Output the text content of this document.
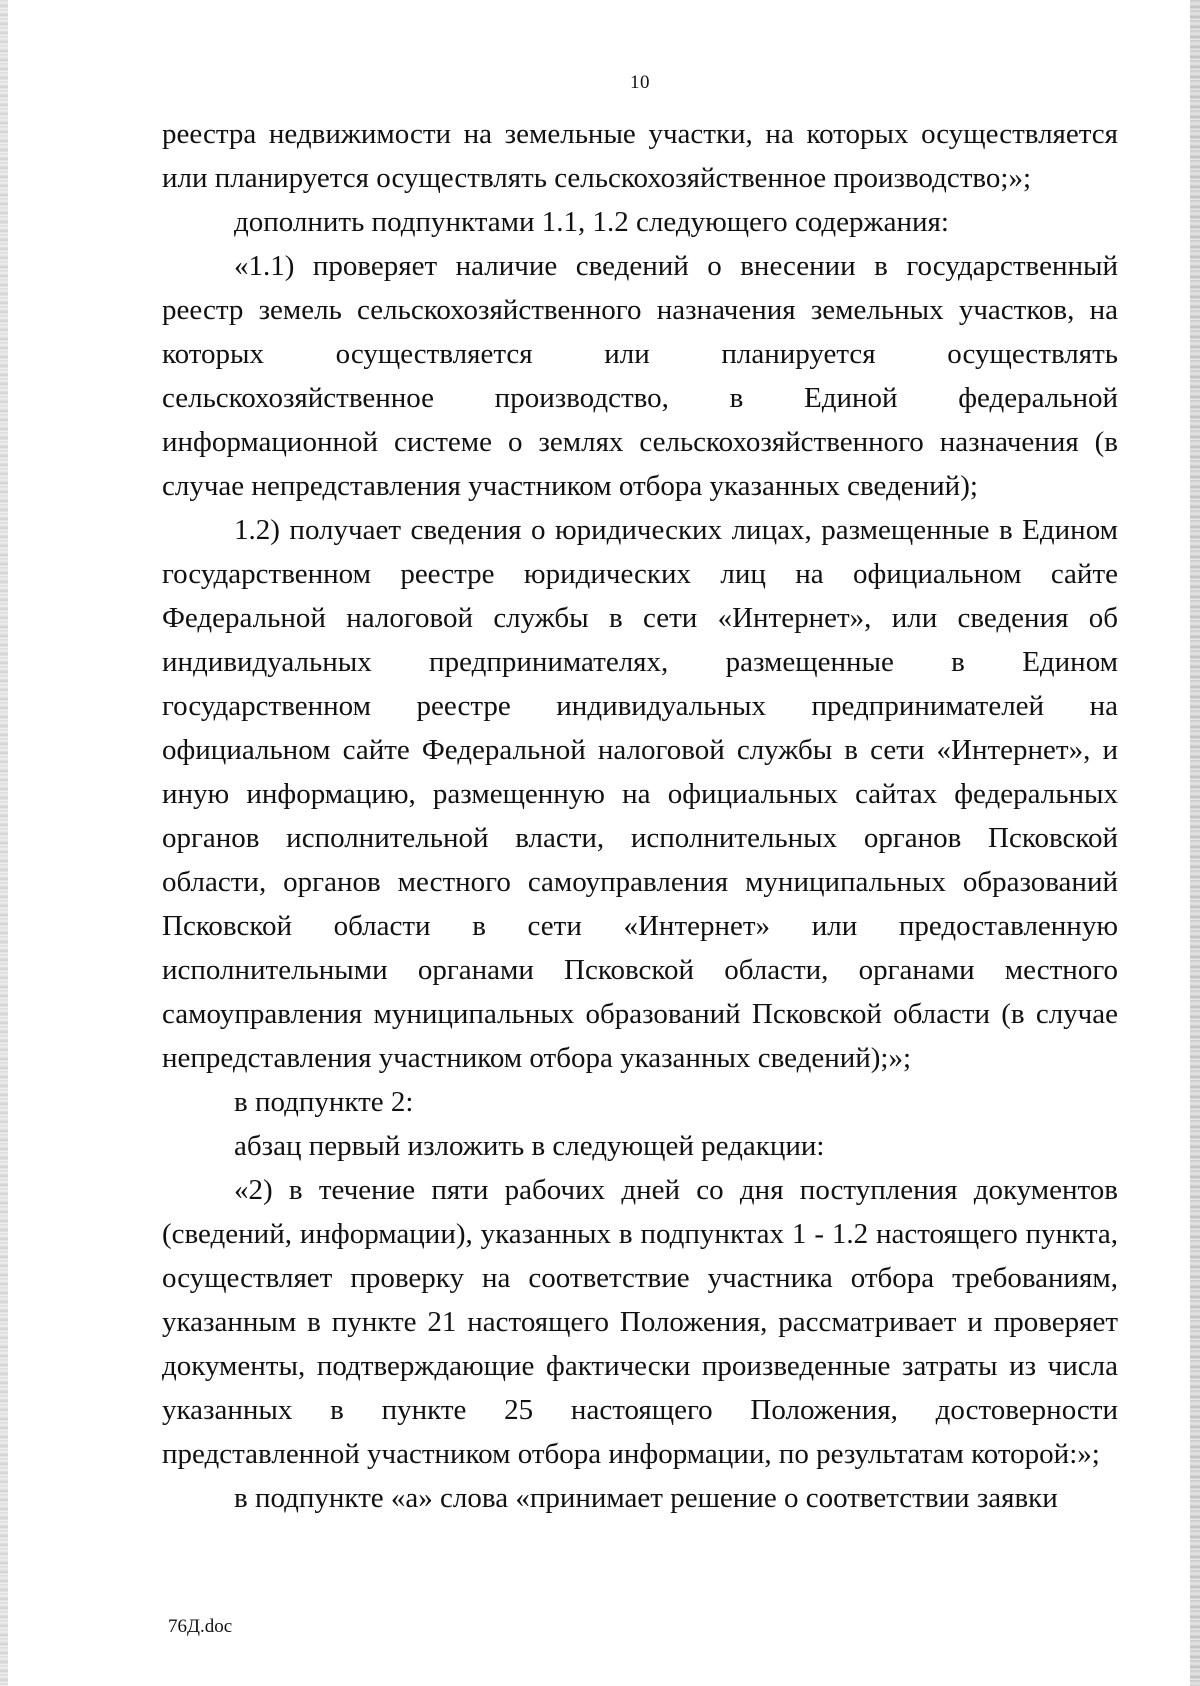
10

реестра недвижимости на земельные участки, на которых осуществляется или планируется осуществлять сельскохозяйственное производство;»;

дополнить подпунктами 1.1, 1.2 следующего содержания:

«1.1) проверяет наличие сведений о внесении в государственный реестр земель сельскохозяйственного назначения земельных участков, на которых осуществляется или планируется осуществлять сельскохозяйственное производство, в Единой федеральной информационной системе о землях сельскохозяйственного назначения (в случае непредставления участником отбора указанных сведений);

1.2) получает сведения о юридических лицах, размещенные в Едином государственном реестре юридических лиц на официальном сайте Федеральной налоговой службы в сети «Интернет», или сведения об индивидуальных предпринимателях, размещенные в Едином государственном реестре индивидуальных предпринимателей на официальном сайте Федеральной налоговой службы в сети «Интернет», и иную информацию, размещенную на официальных сайтах федеральных органов исполнительной власти, исполнительных органов Псковской области, органов местного самоуправления муниципальных образований Псковской области в сети «Интернет» или предоставленную исполнительными органами Псковской области, органами местного самоуправления муниципальных образований Псковской области (в случае непредставления участником отбора указанных сведений);»;

в подпункте 2:

абзац первый изложить в следующей редакции:

«2) в течение пяти рабочих дней со дня поступления документов (сведений, информации), указанных в подпунктах 1 - 1.2 настоящего пункта, осуществляет проверку на соответствие участника отбора требованиям, указанным в пункте 21 настоящего Положения, рассматривает и проверяет документы, подтверждающие фактически произведенные затраты из числа указанных в пункте 25 настоящего Положения, достоверности представленной участником отбора информации, по результатам которой:»;

в подпункте «а» слова «принимает решение о соответствии заявки

76Д.doc
